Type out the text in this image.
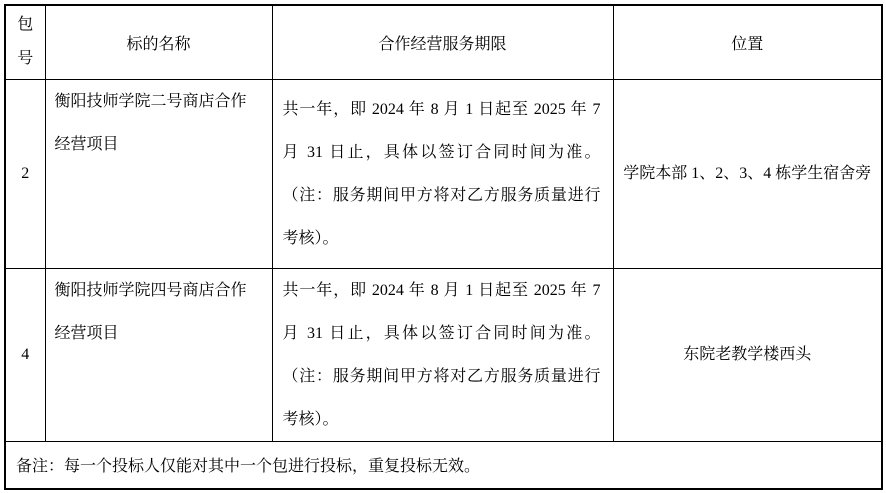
包
号	标的名称	合作经营服务期限	位置
2	衡阳技师学院二号商店合作经营项目	共一年，即 2024 年 8 月 1 日起至 2025 年 7 月 31 日止，具体以签订合同时间为准。（注：服务期间甲方将对乙方服务质量进行考核）。	学院本部 1、2、3、4 栋学生宿舍旁
4	衡阳技师学院四号商店合作经营项目	共一年，即 2024 年 8 月 1 日起至 2025 年 7 月 31 日止，具体以签订合同时间为准。（注：服务期间甲方将对乙方服务质量进行考核）。	东院老教学楼西头
备注：每一个投标人仅能对其中一个包进行投标，重复投标无效。			
